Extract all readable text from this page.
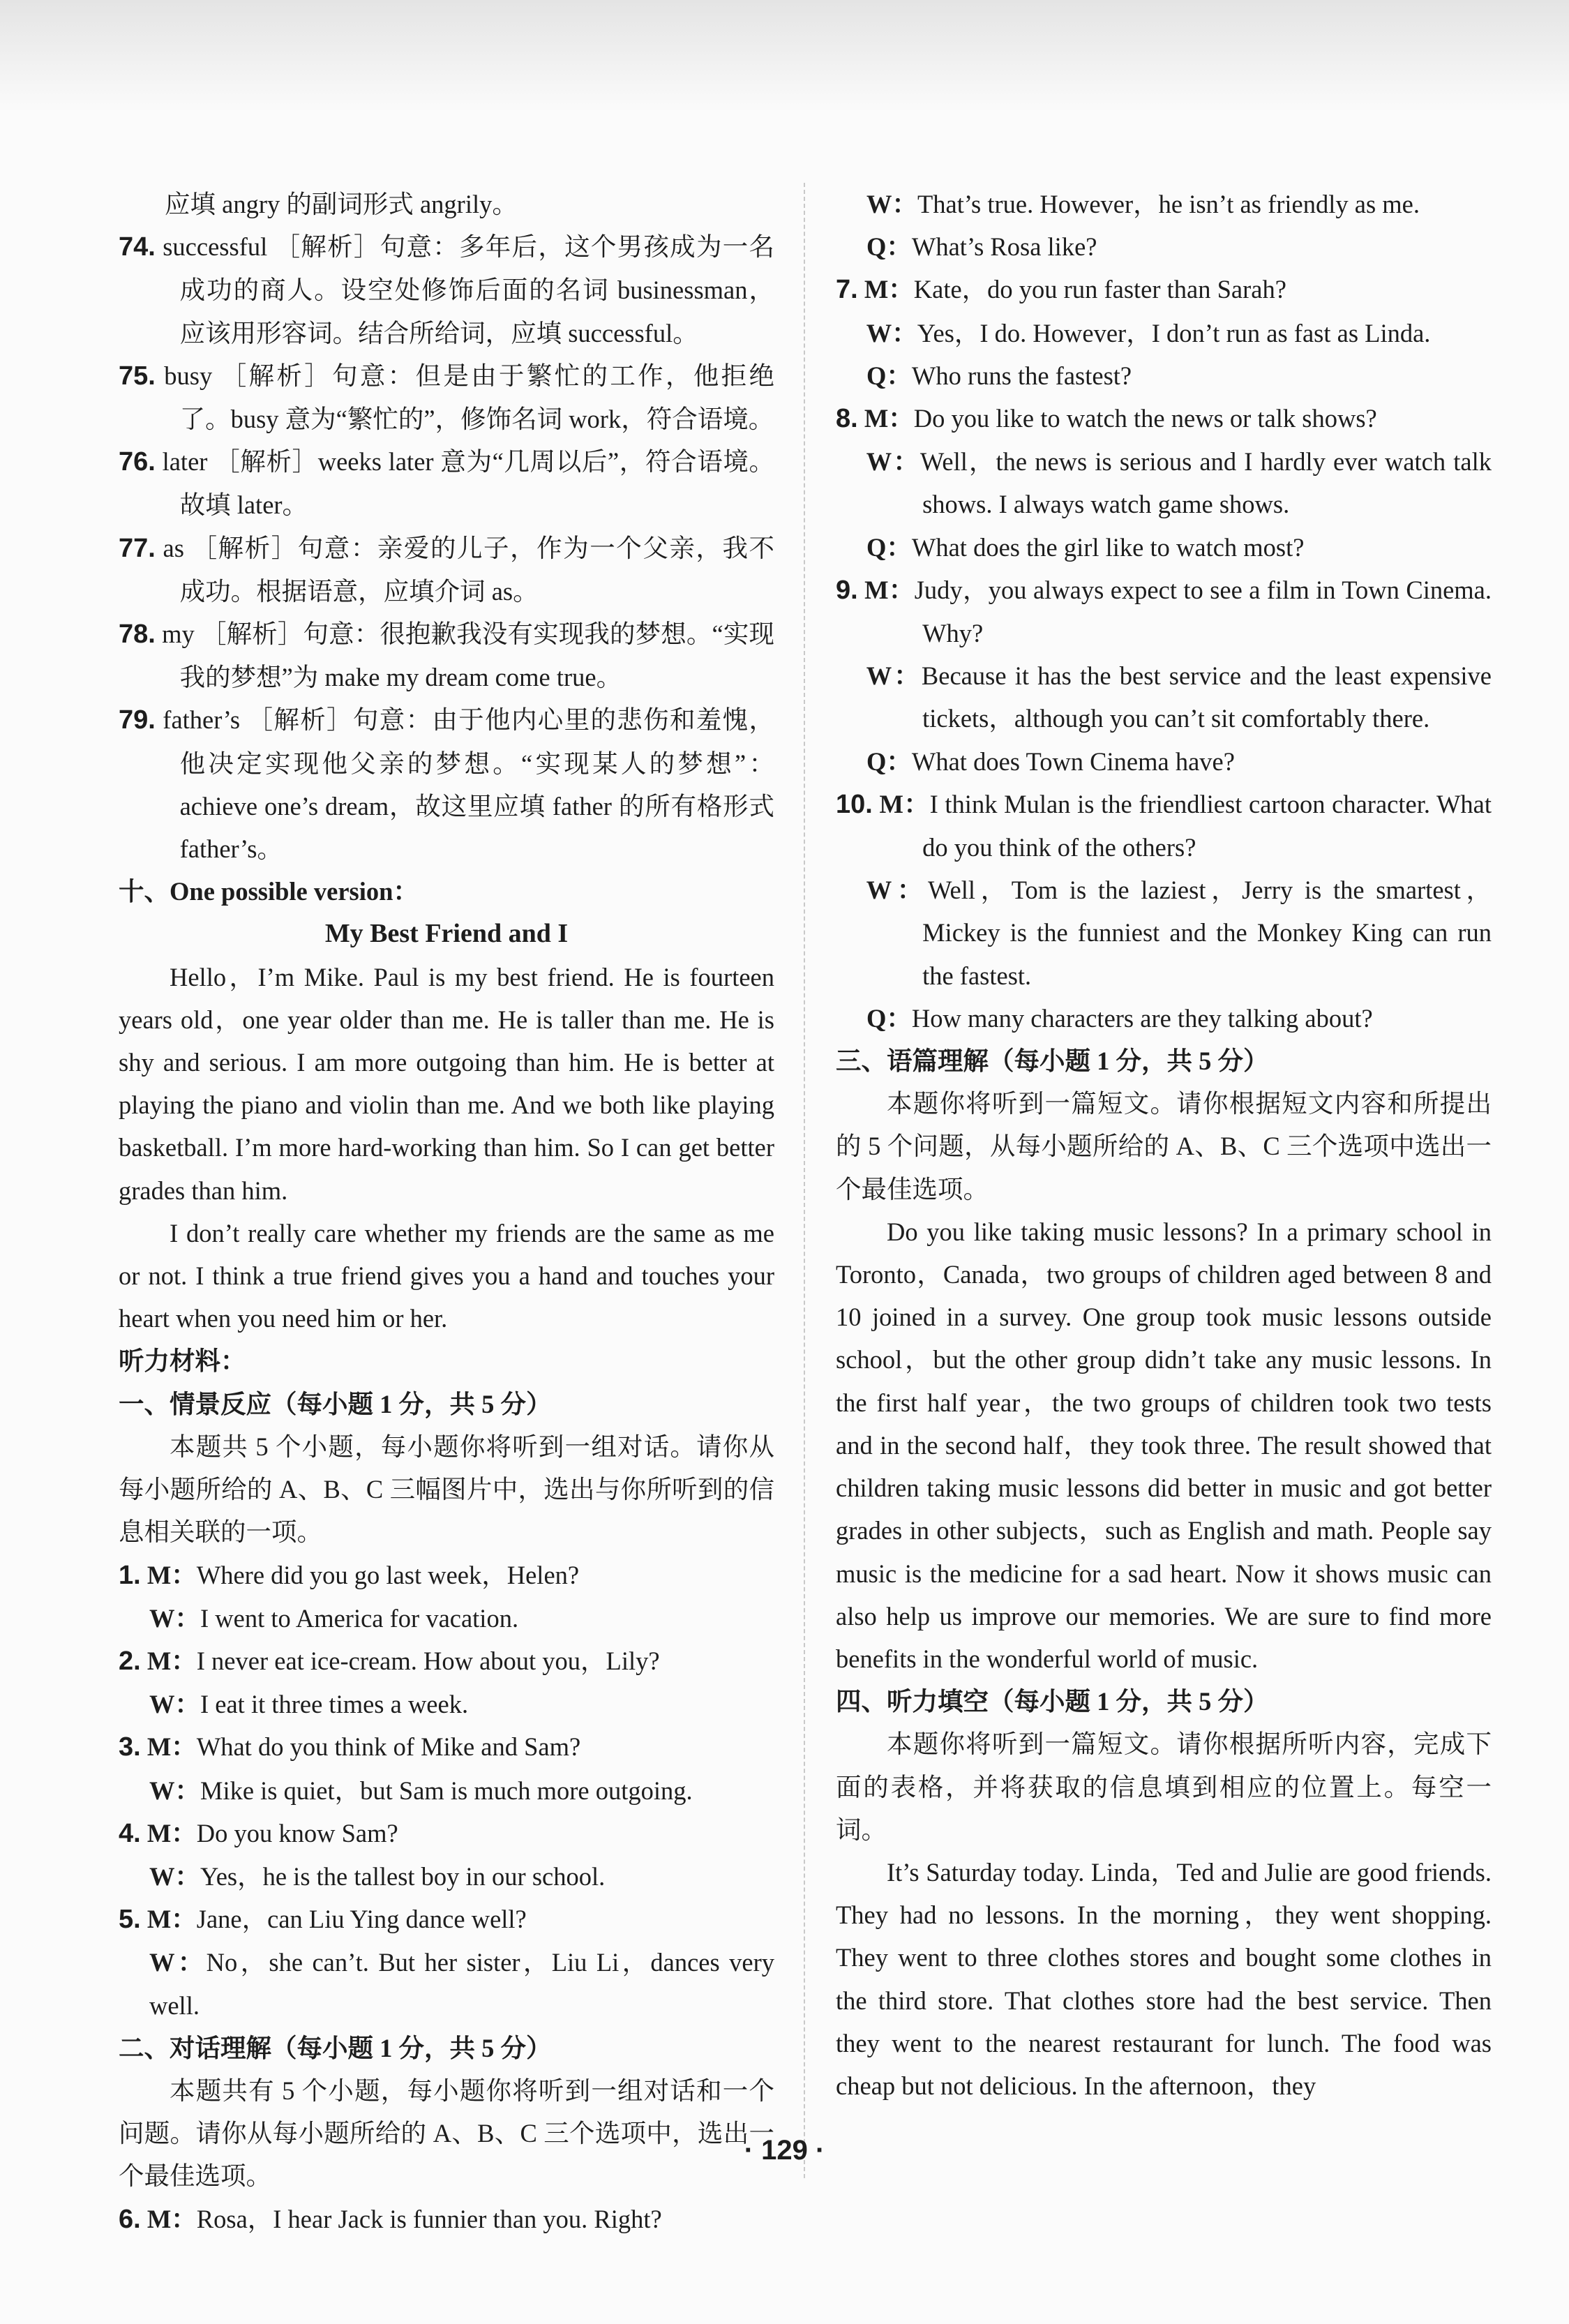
应填 angry 的副词形式 angrily。

74. successful ［解析］句意：多年后，这个男孩成为一名成功的商人。设空处修饰后面的名词 businessman，应该用形容词。结合所给词，应填 successful。

75. busy ［解析］句意：但是由于繁忙的工作，他拒绝了。busy 意为“繁忙的”，修饰名词 work，符合语境。

76. later ［解析］weeks later 意为“几周以后”，符合语境。故填 later。

77. as ［解析］句意：亲爱的儿子，作为一个父亲，我不成功。根据语意，应填介词 as。

78. my ［解析］句意：很抱歉我没有实现我的梦想。“实现我的梦想”为 make my dream come true。

79. father’s ［解析］句意：由于他内心里的悲伤和羞愧，他决定实现他父亲的梦想。“实现某人的梦想”：achieve one’s dream，故这里应填 father 的所有格形式 father’s。

十、One possible version：

My Best Friend and I

Hello，I’m Mike. Paul is my best friend. He is fourteen years old，one year older than me. He is taller than me. He is shy and serious. I am more outgoing than him. He is better at playing the piano and violin than me. And we both like playing basketball. I’m more hard-working than him. So I can get better grades than him.

I don’t really care whether my friends are the same as me or not. I think a true friend gives you a hand and touches your heart when you need him or her.

听力材料：

一、情景反应（每小题 1 分，共 5 分）

本题共 5 个小题，每小题你将听到一组对话。请你从每小题所给的 A、B、C 三幅图片中，选出与你所听到的信息相关联的一项。

1. M：Where did you go last week，Helen?

W：I went to America for vacation.

2. M：I never eat ice-cream. How about you，Lily?

W：I eat it three times a week.

3. M：What do you think of Mike and Sam?

W：Mike is quiet，but Sam is much more outgoing.

4. M：Do you know Sam?

W：Yes，he is the tallest boy in our school.

5. M：Jane，can Liu Ying dance well?

W：No，she can’t. But her sister，Liu Li，dances very well.

二、对话理解（每小题 1 分，共 5 分）

本题共有 5 个小题，每小题你将听到一组对话和一个问题。请你从每小题所给的 A、B、C 三个选项中，选出一个最佳选项。

6. M：Rosa，I hear Jack is funnier than you. Right?

W：That’s true. However，he isn’t as friendly as me.

Q：What’s Rosa like?

7. M：Kate，do you run faster than Sarah?

W：Yes，I do. However，I don’t run as fast as Linda.

Q：Who runs the fastest?

8. M：Do you like to watch the news or talk shows?

W：Well，the news is serious and I hardly ever watch talk shows. I always watch game shows.

Q：What does the girl like to watch most?

9. M：Judy，you always expect to see a film in Town Cinema. Why?

W：Because it has the best service and the least expensive tickets，although you can’t sit comfortably there.

Q：What does Town Cinema have?

10. M：I think Mulan is the friendliest cartoon character. What do you think of the others?

W：Well，Tom is the laziest，Jerry is the smartest，Mickey is the funniest and the Monkey King can run the fastest.

Q：How many characters are they talking about?

三、语篇理解（每小题 1 分，共 5 分）

本题你将听到一篇短文。请你根据短文内容和所提出的 5 个问题，从每小题所给的 A、B、C 三个选项中选出一个最佳选项。

Do you like taking music lessons? In a primary school in Toronto，Canada，two groups of children aged between 8 and 10 joined in a survey. One group took music lessons outside school，but the other group didn’t take any music lessons. In the first half year，the two groups of children took two tests and in the second half，they took three. The result showed that children taking music lessons did better in music and got better grades in other subjects，such as English and math. People say music is the medicine for a sad heart. Now it shows music can also help us improve our memories. We are sure to find more benefits in the wonderful world of music.

四、听力填空（每小题 1 分，共 5 分）

本题你将听到一篇短文。请你根据所听内容，完成下面的表格，并将获取的信息填到相应的位置上。每空一词。

It’s Saturday today. Linda，Ted and Julie are good friends. They had no lessons. In the morning，they went shopping. They went to three clothes stores and bought some clothes in the third store. That clothes store had the best service. Then they went to the nearest restaurant for lunch. The food was cheap but not delicious. In the afternoon，they

· 129 ·
